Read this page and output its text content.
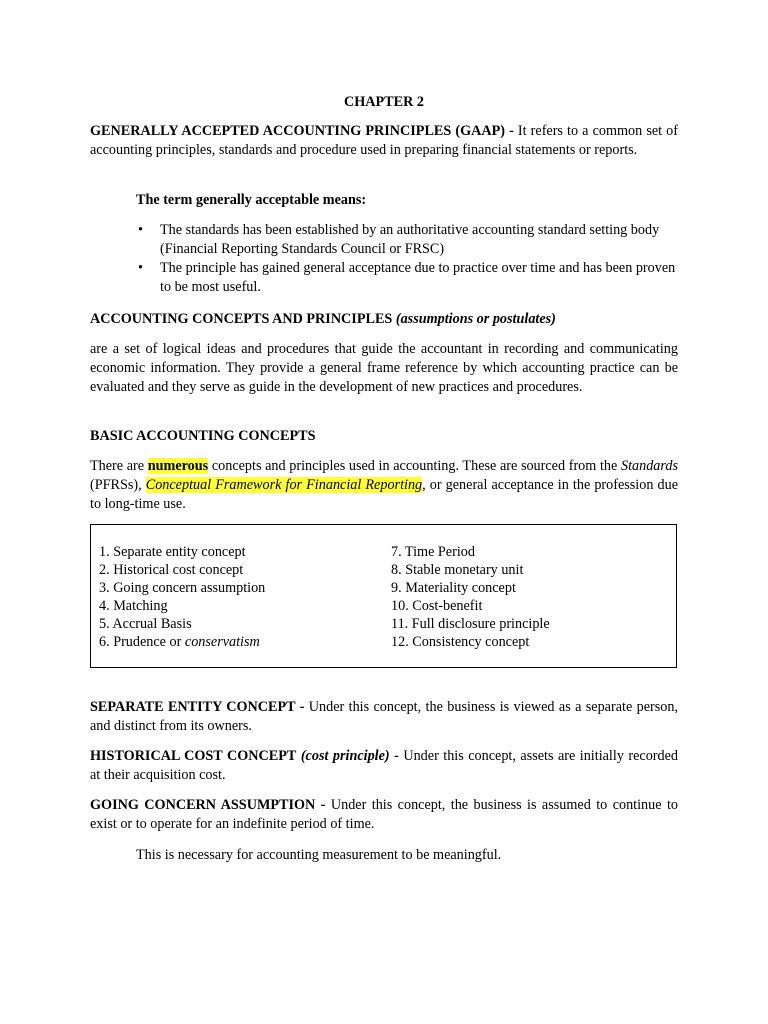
CHAPTER 2
GENERALLY ACCEPTED ACCOUNTING PRINCIPLES (GAAP) - It refers to a common set of accounting principles, standards and procedure used in preparing financial statements or reports.
The term generally acceptable means:
• The standards has been established by an authoritative accounting standard setting body (Financial Reporting Standards Council or FRSC)
• The principle has gained general acceptance due to practice over time and has been proven to be most useful.
ACCOUNTING CONCEPTS AND PRINCIPLES (assumptions or postulates)
are a set of logical ideas and procedures that guide the accountant in recording and communicating economic information. They provide a general frame reference by which accounting practice can be evaluated and they serve as guide in the development of new practices and procedures.
BASIC ACCOUNTING CONCEPTS
There are numerous concepts and principles used in accounting. These are sourced from the Standards (PFRSs), Conceptual Framework for Financial Reporting, or general acceptance in the profession due to long-time use.
1. Separate entity concept
2. Historical cost concept
3. Going concern assumption
4. Matching
5. Accrual Basis
6. Prudence or conservatism
7. Time Period
8. Stable monetary unit
9. Materiality concept
10. Cost-benefit
11. Full disclosure principle
12. Consistency concept
SEPARATE ENTITY CONCEPT - Under this concept, the business is viewed as a separate person, and distinct from its owners.
HISTORICAL COST CONCEPT (cost principle) - Under this concept, assets are initially recorded at their acquisition cost.
GOING CONCERN ASSUMPTION - Under this concept, the business is assumed to continue to exist or to operate for an indefinite period of time.
This is necessary for accounting measurement to be meaningful.
